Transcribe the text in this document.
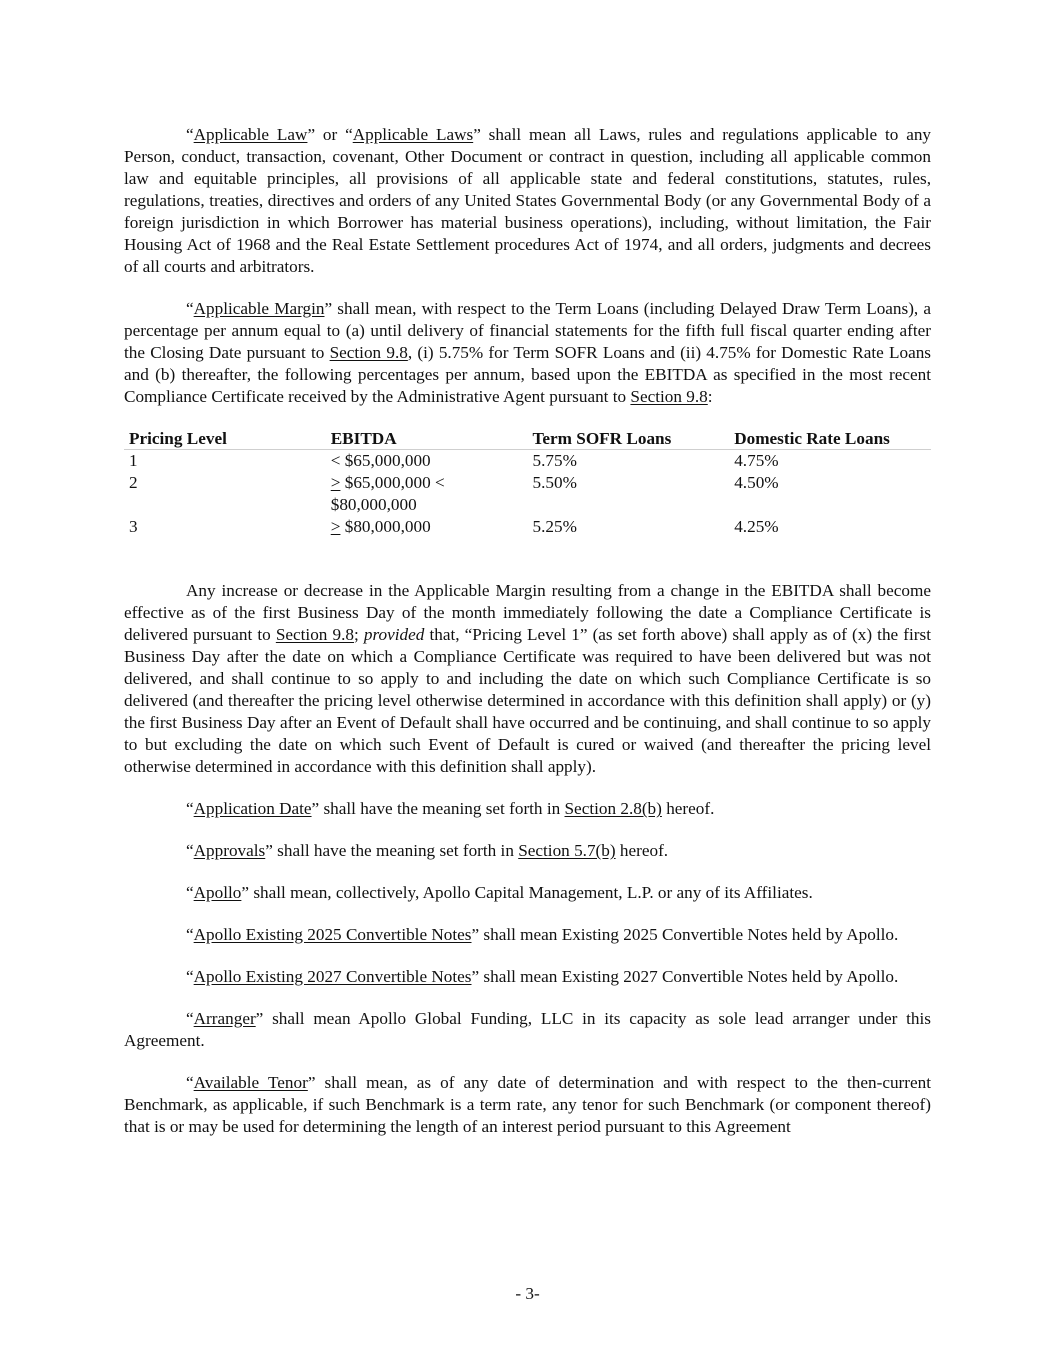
“Applicable Law” or “Applicable Laws” shall mean all Laws, rules and regulations applicable to any Person, conduct, transaction, covenant, Other Document or contract in question, including all applicable common law and equitable principles, all provisions of all applicable state and federal constitutions, statutes, rules, regulations, treaties, directives and orders of any United States Governmental Body (or any Governmental Body of a foreign jurisdiction in which Borrower has material business operations), including, without limitation, the Fair Housing Act of 1968 and the Real Estate Settlement procedures Act of 1974, and all orders, judgments and decrees of all courts and arbitrators.

“Applicable Margin” shall mean, with respect to the Term Loans (including Delayed Draw Term Loans), a percentage per annum equal to (a) until delivery of financial statements for the fifth full fiscal quarter ending after the Closing Date pursuant to Section 9.8, (i) 5.75% for Term SOFR Loans and (ii) 4.75% for Domestic Rate Loans and (b) thereafter, the following percentages per annum, based upon the EBITDA as specified in the most recent Compliance Certificate received by the Administrative Agent pursuant to Section 9.8:

Pricing Level	EBITDA	Term SOFR Loans	Domestic Rate Loans
1	< $65,000,000	5.75%	4.75%
2	≥ $65,000,000 < $80,000,000	5.50%	4.50%
3	≥ $80,000,000	5.25%	4.25%

Any increase or decrease in the Applicable Margin resulting from a change in the EBITDA shall become effective as of the first Business Day of the month immediately following the date a Compliance Certificate is delivered pursuant to Section 9.8; provided that, “Pricing Level 1” (as set forth above) shall apply as of (x) the first Business Day after the date on which a Compliance Certificate was required to have been delivered but was not delivered, and shall continue to so apply to and including the date on which such Compliance Certificate is so delivered (and thereafter the pricing level otherwise determined in accordance with this definition shall apply) or (y) the first Business Day after an Event of Default shall have occurred and be continuing, and shall continue to so apply to but excluding the date on which such Event of Default is cured or waived (and thereafter the pricing level otherwise determined in accordance with this definition shall apply).

“Application Date” shall have the meaning set forth in Section 2.8(b) hereof.

“Approvals” shall have the meaning set forth in Section 5.7(b) hereof.

“Apollo” shall mean, collectively, Apollo Capital Management, L.P. or any of its Affiliates.

“Apollo Existing 2025 Convertible Notes” shall mean Existing 2025 Convertible Notes held by Apollo.

“Apollo Existing 2027 Convertible Notes” shall mean Existing 2027 Convertible Notes held by Apollo.

“Arranger” shall mean Apollo Global Funding, LLC in its capacity as sole lead arranger under this Agreement.

“Available Tenor” shall mean, as of any date of determination and with respect to the then-current Benchmark, as applicable, if such Benchmark is a term rate, any tenor for such Benchmark (or component thereof) that is or may be used for determining the length of an interest period pursuant to this Agreement

- 3-
